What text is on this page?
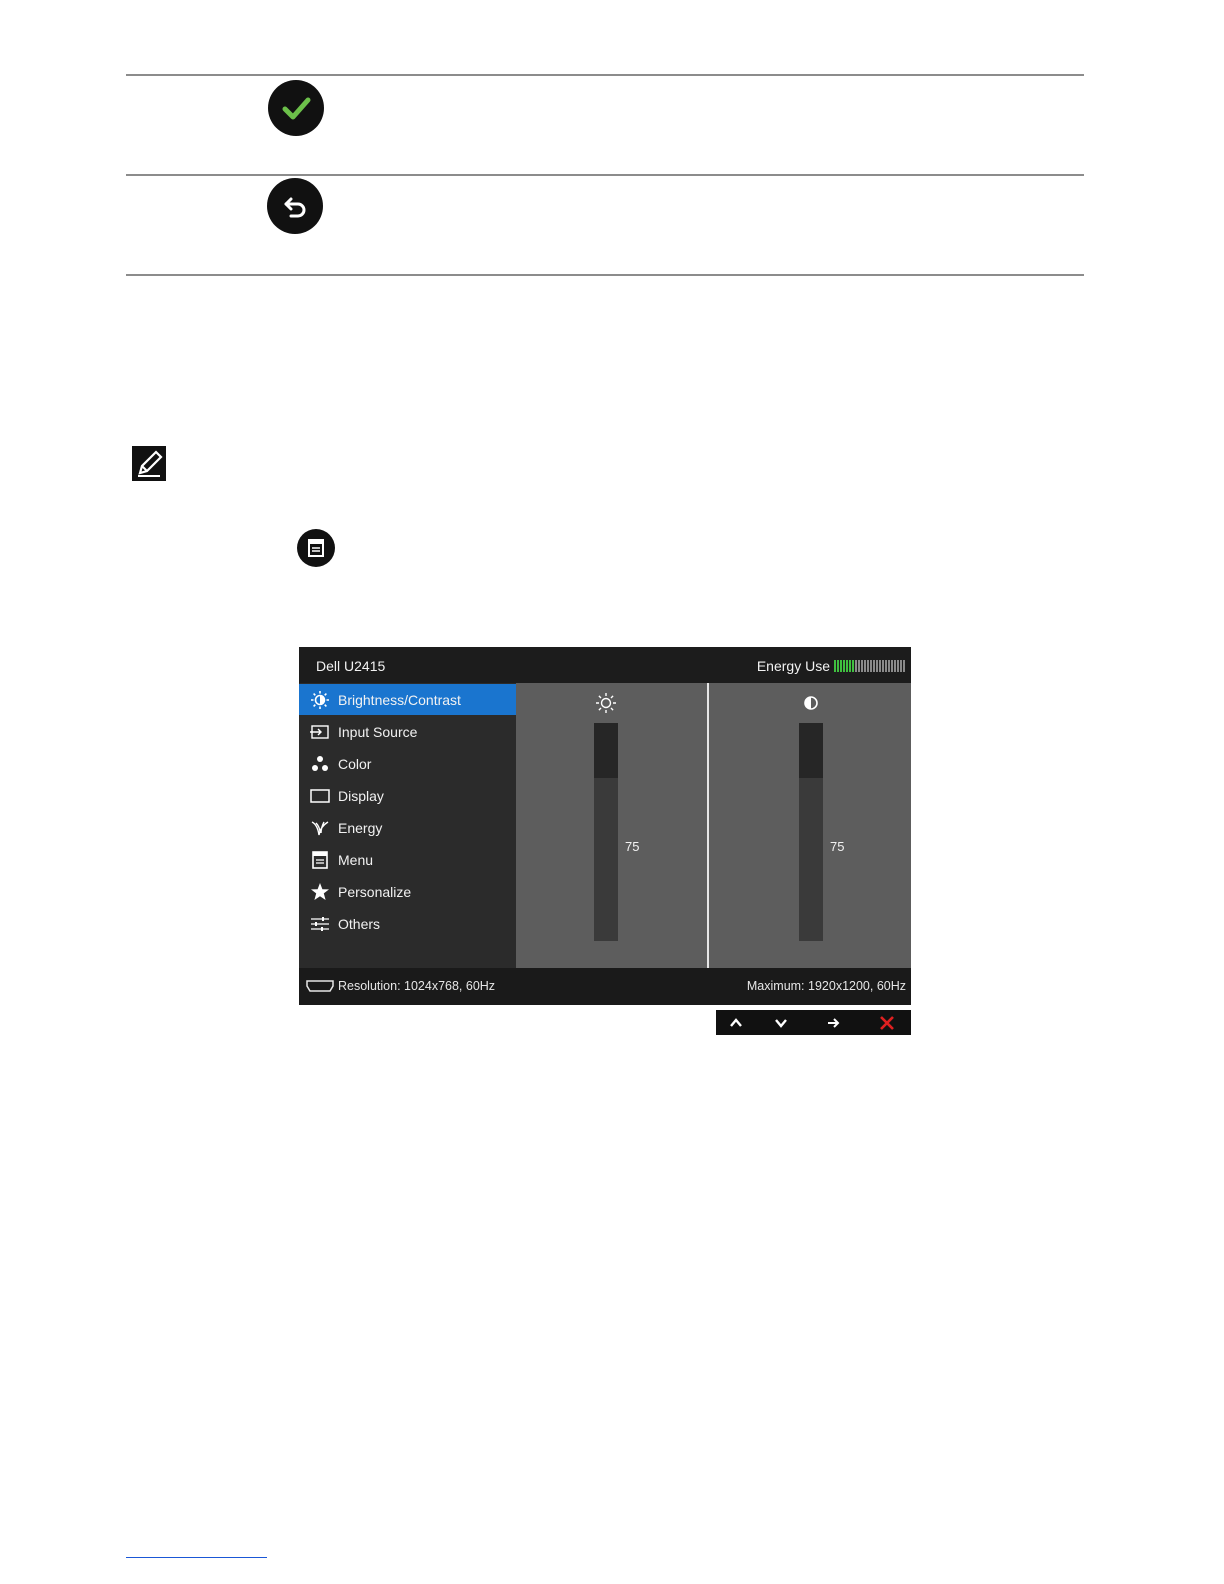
Dell U2415	Energy Use
Brightness/Contrast
Input Source
Color
Display
Energy
Menu
Personalize
Others
75	75
Resolution: 1024x768, 60Hz	Maximum: 1920x1200, 60Hz
